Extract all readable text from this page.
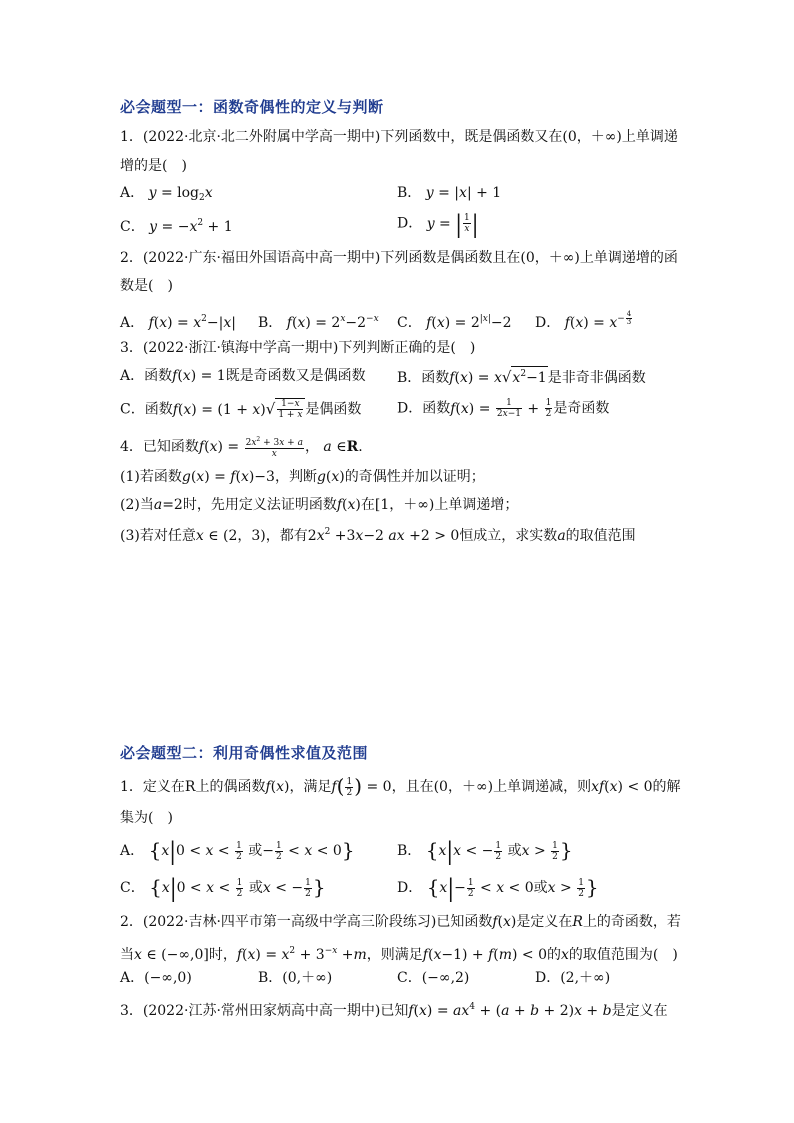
必会题型一：函数奇偶性的定义与判断
1．(2022·北京·北二外附属中学高一期中)下列函数中，既是偶函数又在(0，＋∞)上单调递
增的是(　)
A． $y = \log_2x$	B． y = |x| + 1
C． $y = -x^2 + 1$	D． y = | $\frac{1}{x}$ |
2．(2022·广东·福田外国语高中高一期中)下列函数是偶函数且在(0，＋∞)上单调递增的函
数是(　)
A． $f(x) = x^2-|x|$ B． $f(x) = 2^x-2^{-x}$ C． $f(x) = 2^{|x|}-2$ D． $f(x) = x^{- \frac{4}{3}}$
3．(2022·浙江·镇海中学高一期中)下列判断正确的是(　)
A．函数f(x) = 1既是奇函数又是偶函数 B．函数$f(x) = x√x^2-1$是非奇非偶函数
C．函数$f(x) = (1 + x)√ \frac{1-x}{1 + x}$ 是偶函数	D．函数$f(x) = \frac{1}{2x-1} + \frac{1}{2}$ 是奇函数
4．已知函数$f(x) = \frac{2x^2 + 3x + a}{x}$ ， a ∈R.
(1)若函数g(x) = f(x)−3，判断g(x)的奇偶性并加以证明；
(2)当a=2时，先用定义法证明函数f(x)在[1，＋∞)上单调递增；
(3)若对任意x ∈ (2，3)，都有$2x^2 +3x-2$ ax +2 > 0恒成立，求实数a的取值范围
必会题型二：利用奇偶性求值及范围
1．定义在R上的偶函数f(x)，满足$f( \frac{1}{2}$ ) = 0，且在(0，＋∞)上单调递减，则xf(x) < 0的解
集为(　)
A． {$x|0 < x < \frac{1}{2}$ 或− $\frac{1}{2} < x < 0$}	B． {x|x < − $\frac{1}{2}$ 或$x > \frac{1}{2}$ }
C． {$x|0 < x < \frac{1}{2}$ 或x < − $\frac{1}{2}$ }	D． {$x|- \frac{1}{2} < x < 0$或$x > \frac{1}{2}$ }
2．(2022·吉林·四平市第一高级中学高三阶段练习)已知函数f(x)是定义在R上的奇函数，若
当x ∈ (−∞,0]时，$f(x) = x^2 + 3^{-x} +m$，则满足f(x−1) + f(m) < 0的x的取值范围为(　)
A．(−∞,0)	B．(0,＋∞)	C．(−∞,2)	D．(2,＋∞)
3．(2022·江苏·常州田家炳高中高一期中)已知$f(x) = ax^4 + (a + b + 2)x + b$是定义在
